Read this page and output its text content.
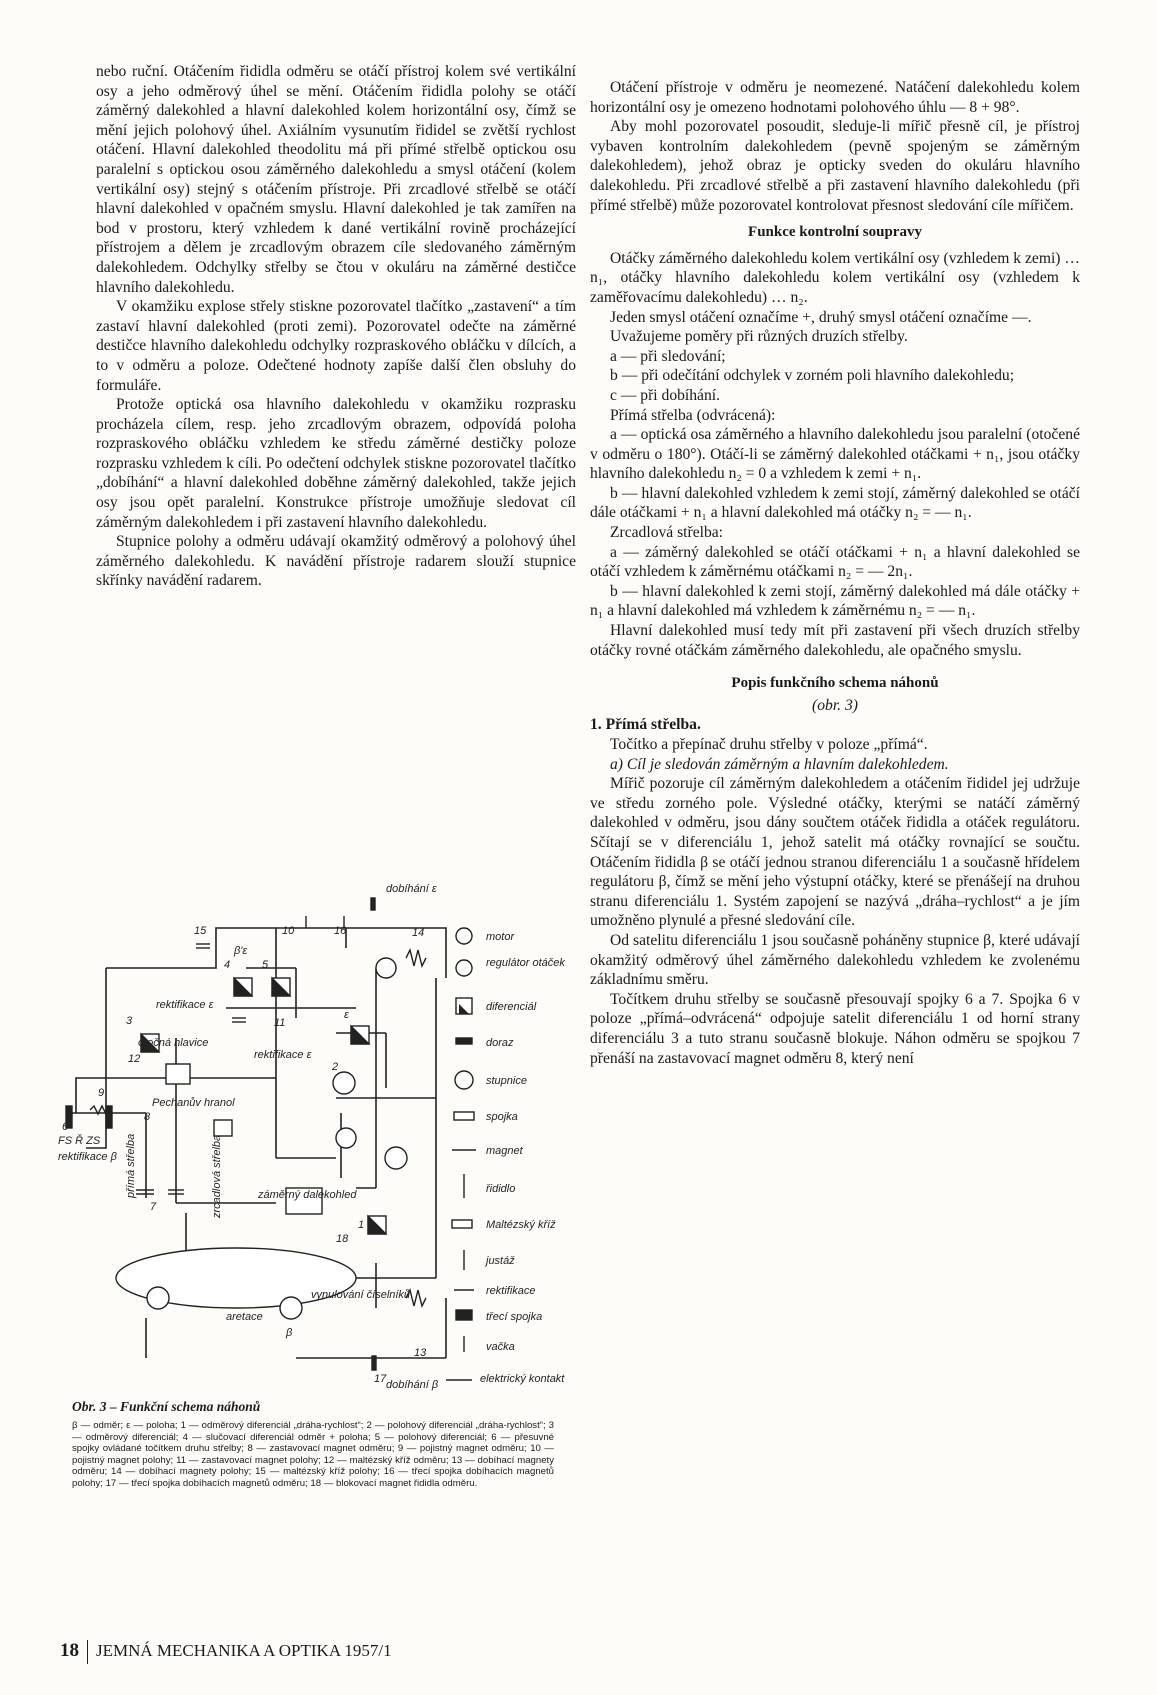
nebo ruční. Otáčením řididla odměru se otáčí přístroj kolem své vertikální osy a jeho odměrový úhel se mění. Otáčením řididla polohy se otáčí záměrný dalekohled a hlavní dalekohled kolem horizontální osy, čímž se mění jejich polohový úhel. Axiálním vysunutím řididel se zvětší rychlost otáčení. Hlavní dalekohled theodolitu má při přímé střelbě optickou osu paralelní s optickou osou záměrného dalekohledu a smysl otáčení (kolem vertikální osy) stejný s otáčením přístroje. Při zrcadlové střelbě se otáčí hlavní dalekohled v opačném smyslu. Hlavní dalekohled je tak zamířen na bod v prostoru, který vzhledem k dané vertikální rovině procházející přístrojem a dělem je zrcadlovým obrazem cíle sledovaného záměrným dalekohledem. Odchylky střelby se čtou v okuláru na záměrné destičce hlavního dalekohledu.

V okamžiku explose střely stiskne pozorovatel tlačítko „zastavení“ a tím zastaví hlavní dalekohled (proti zemi). Pozorovatel odečte na záměrné destičce hlavního dalekohledu odchylky rozpraskového obláčku v dílcích, a to v odměru a poloze. Odečtené hodnoty zapíše další člen obsluhy do formuláře.

Protože optická osa hlavního dalekohledu v okamžiku rozprasku procházela cílem, resp. jeho zrcadlovým obrazem, odpovídá poloha rozpraskového obláčku vzhledem ke středu záměrné destičky poloze rozprasku vzhledem k cíli. Po odečtení odchylek stiskne pozorovatel tlačítko „dobíhání“ a hlavní dalekohled doběhne záměrný dalekohled, takže jejich osy jsou opět paralelní. Konstrukce přístroje umožňuje sledovat cíl záměrným dalekohledem i při zastavení hlavního dalekohledu.

Stupnice polohy a odměru udávají okamžitý odměrový a polohový úhel záměrného dalekohledu. K navádění přístroje radarem slouží stupnice skřínky navádění radarem.

Otáčení přístroje v odměru je neomezené. Natáčení dalekohledu kolem horizontální osy je omezeno hodnotami polohového úhlu — 8 + 98°.

Aby mohl pozorovatel posoudit, sleduje-li mířič přesně cíl, je přístroj vybaven kontrolním dalekohledem (pevně spojeným se záměrným dalekohledem), jehož obraz je opticky sveden do okuláru hlavního dalekohledu. Při zrcadlové střelbě a při zastavení hlavního dalekohledu (při přímé střelbě) může pozorovatel kontrolovat přesnost sledování cíle mířičem.

Funkce kontrolní soupravy

Otáčky záměrného dalekohledu kolem vertikální osy (vzhledem k zemi) … n₁, otáčky hlavního dalekohledu kolem vertikální osy (vzhledem k zaměřovacímu dalekohledu) … n₂.

Jeden smysl otáčení označíme +, druhý smysl otáčení označíme —.

Uvažujeme poměry při různých druzích střelby.

a — při sledování;

b — při odečítání odchylek v zorném poli hlavního dalekohledu;

c — při dobíhání.

Přímá střelba (odvrácená):

a — optická osa záměrného a hlavního dalekohledu jsou paralelní (otočené v odměru o 180°). Otáčí-li se záměrný dalekohled otáčkami + n₁, jsou otáčky hlavního dalekohledu n₂ = 0 a vzhledem k zemi + n₁.

b — hlavní dalekohled vzhledem k zemi stojí, záměrný dalekohled se otáčí dále otáčkami + n₁ a hlavní dalekohled má otáčky n₂ = — n₁.

Zrcadlová střelba:

a — záměrný dalekohled se otáčí otáčkami + n₁ a hlavní dalekohled se otáčí vzhledem k záměrnému otáčkami n₂ = — 2n₁.

b — hlavní dalekohled k zemi stojí, záměrný dalekohled má dále otáčky + n₁ a hlavní dalekohled má vzhledem k záměrnému n₂ = — n₁.

Hlavní dalekohled musí tedy mít při zastavení při všech druzích střelby otáčky rovné otáčkám záměrného dalekohledu, ale opačného smyslu.

Popis funkčního schema náhonů

(obr. 3)

1. Přímá střelba.

Točítko a přepínač druhu střelby v poloze „přímá“.

a) Cíl je sledován záměrným a hlavním dalekohledem.

Mířič pozoruje cíl záměrným dalekohledem a otáčením řididel jej udržuje ve středu zorného pole. Výsledné otáčky, kterými se natáčí záměrný dalekohled v odměru, jsou dány součtem otáček řididla a otáček regulátoru. Sčítají se v diferenciálu 1, jehož satelit má otáčky rovnající se součtu. Otáčením řididla β se otáčí jednou stranou diferenciálu 1 a současně hřídelem regulátoru β, čímž se mění jeho výstupní otáčky, které se přenášejí na druhou stranu diferenciálu 1. Systém zapojení se nazývá „dráha–rychlost“ a je jím umožněno plynulé a přesné sledování cíle.

Od satelitu diferenciálu 1 jsou současně poháněny stupnice β, které udávají okamžitý odměrový úhel záměrného dalekohledu vzhledem ke zvolenému základnímu směru.

Točítkem druhu střelby se současně přesouvají spojky 6 a 7. Spojka 6 v poloze „přímá–odvrácená“ odpojuje satelit diferenciálu 1 od horní strany diferenciálu 3 a tuto stranu současně blokuje. Náhon odměru se spojkou 7 přenáší na zastavovací magnet odměru 8, který není

dobíhání ε
dobíhání β
rektifikace ε
rektifikace ε
otočná hlavice
Pechanův hranol
přímá střelba	zrcadlová střelba	záměrný dalekohled
aretace
vynulování číselníků
FS Ř ZS
rektifikace β
β
ε
β'ε
15	10	16	14
4	5
3
2
11
12
9
8
7
6
1
18
13
17
motor
regulátor otáček
diferenciál
doraz
stupnice
spojka
magnet
řididlo
Maltézský kříž
justáž
rektifikace
třecí spojka
vačka
elektrický kontakt
Obr. 3 – Funkční schema náhonů
β — odměr; ε — poloha; 1 — odměrový diferenciál „dráha-rychlost“; 2 — polohový diferenciál „dráha-rychlost“; 3 — odměrový diferenciál; 4 — slučovací diferenciál odměr + poloha; 5 — polohový diferenciál; 6 — přesuvné spojky ovládané točítkem druhu střelby; 8 — zastavovací magnet odměru; 9 — pojistný magnet odměru; 10 — pojistný magnet polohy; 11 — zastavovací magnet polohy; 12 — maltézský kříž odměru; 13 — dobíhací magnety odměru; 14 — dobíhací magnety polohy; 15 — maltézský kříž polohy; 16 — třecí spojka dobíhacích magnetů polohy; 17 — třecí spojka dobíhacích magnetů odměru; 18 — blokovací magnet řididla odměru.
18 JEMNÁ MECHANIKA A OPTIKA 1957/1
